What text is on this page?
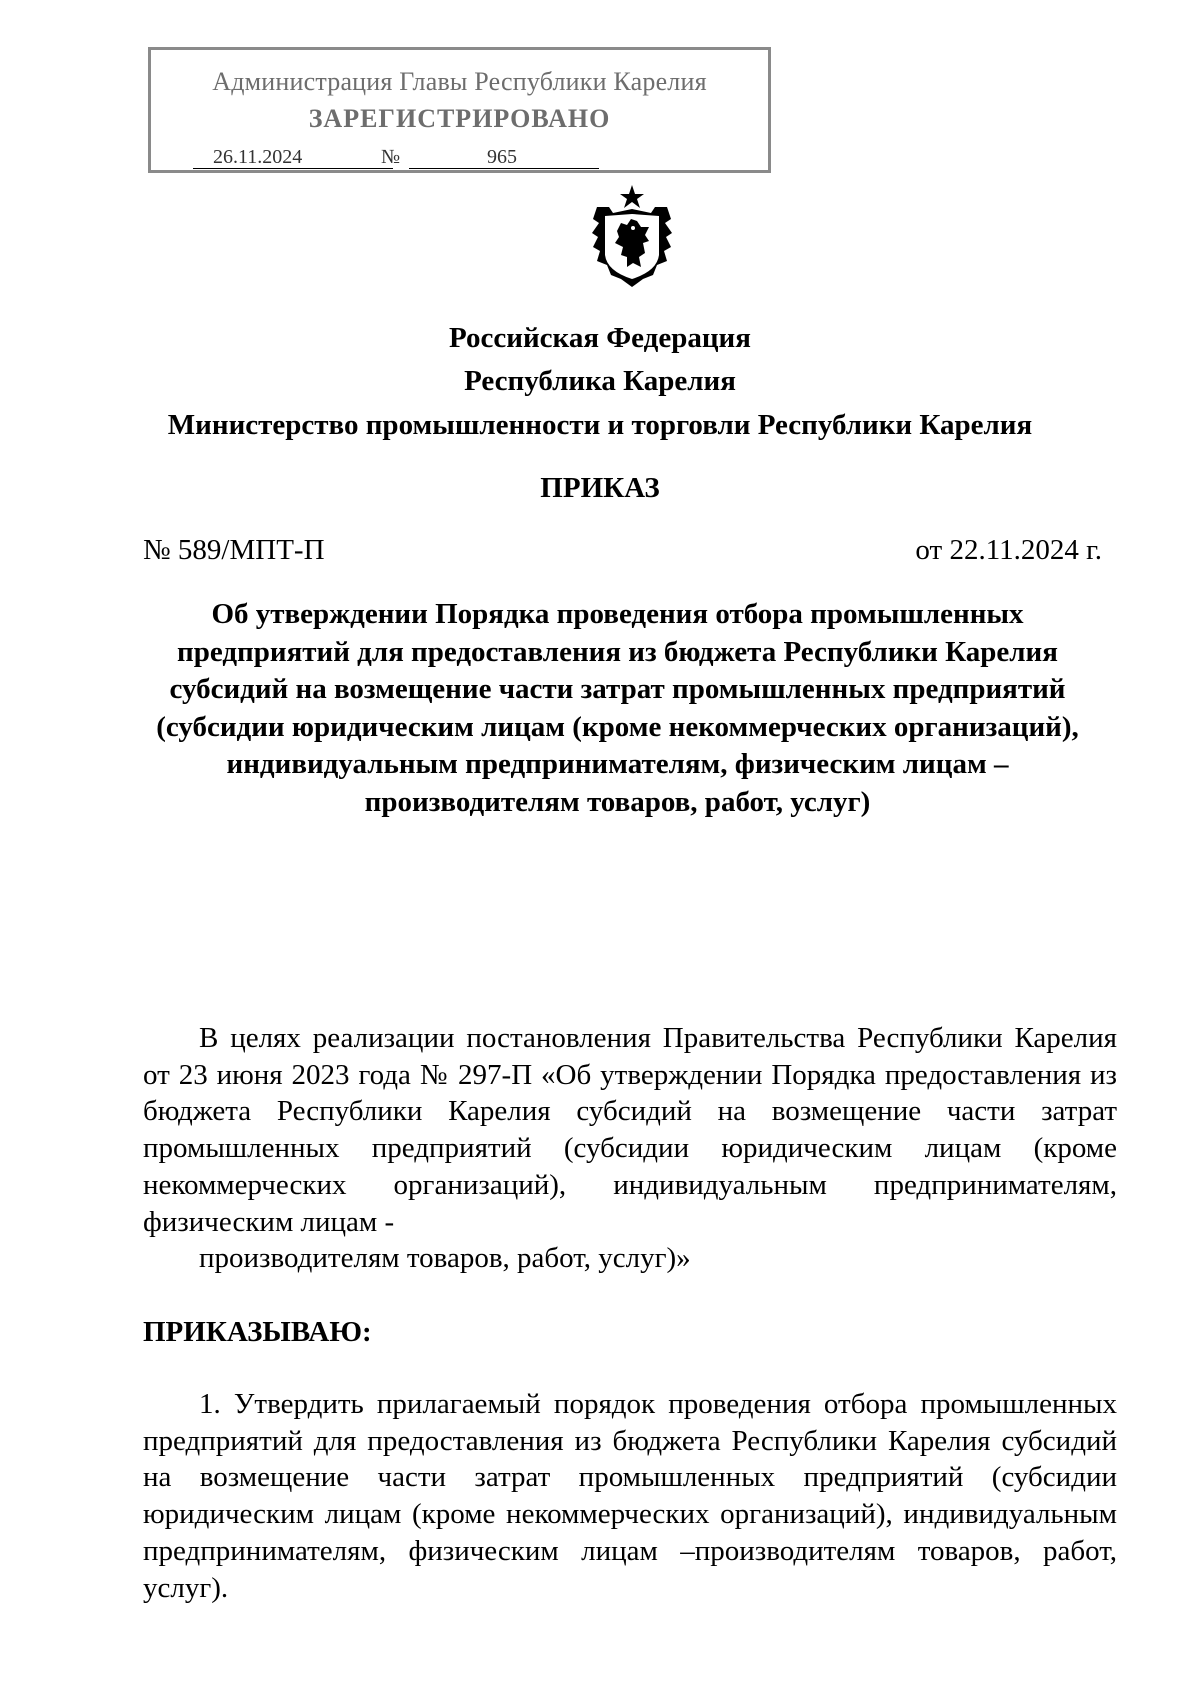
Администрация Главы Республики Карелия
ЗАРЕГИСТРИРОВАНО
26.11.2024	№	965
Российская Федерация
Республика Карелия
Министерство промышленности и торговли Республики Карелия
ПРИКАЗ
№ 589/МПТ-П	от 22.11.2024 г.
Об утверждении Порядка проведения отбора промышленных предприятий для предоставления из бюджета Республики Карелия субсидий на возмещение части затрат промышленных предприятий (субсидии юридическим лицам (кроме некоммерческих организаций), индивидуальным предпринимателям, физическим лицам –производителям товаров, работ, услуг)
В целях реализации постановления Правительства Республики Карелия от 23 июня 2023 года № 297-П «Об утверждении Порядка предоставления из бюджета Республики Карелия субсидий на возмещение части затрат промышленных предприятий (субсидии юридическим лицам (кроме некоммерческих организаций), индивидуальным предпринимателям, физическим лицам -
производителям товаров, работ, услуг)»
ПРИКАЗЫВАЮ:
1. Утвердить прилагаемый порядок проведения отбора промышленных предприятий для предоставления из бюджета Республики Карелия субсидий на возмещение части затрат промышленных предприятий (субсидии юридическим лицам (кроме некоммерческих организаций), индивидуальным предпринимателям, физическим лицам –производителям товаров, работ, услуг).
